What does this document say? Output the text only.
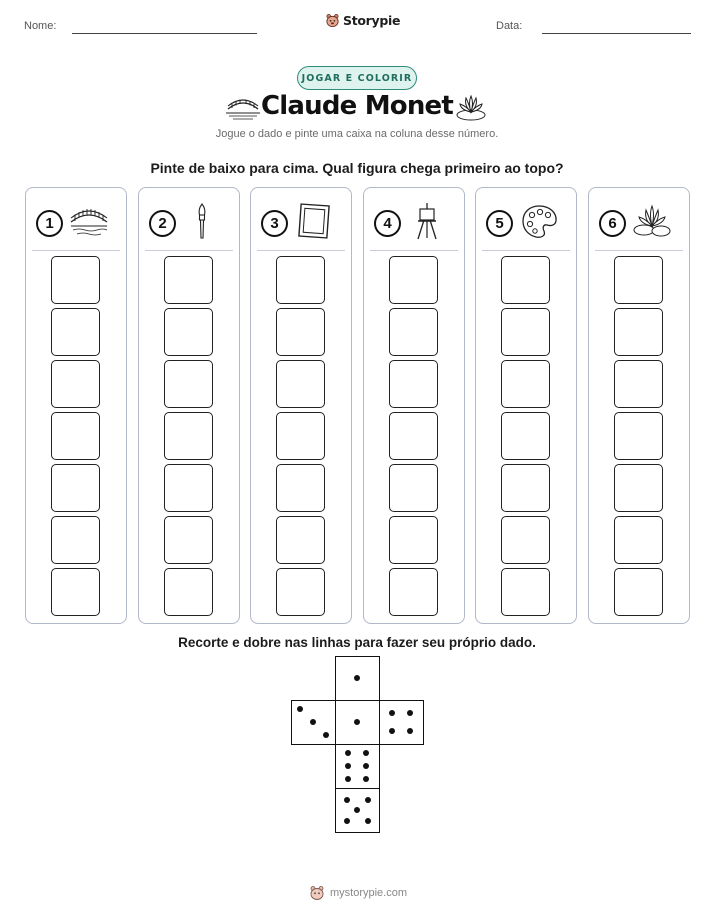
Nome:	Storypie	Data:
JOGAR E COLORIR
Claude Monet
Jogue o dado e pinte uma caixa na coluna desse número.
Pinte de baixo para cima. Qual figura chega primeiro ao topo?
1	2	3	4	5	6
Recorte e dobre nas linhas para fazer seu próprio dado.
mystorypie.com
